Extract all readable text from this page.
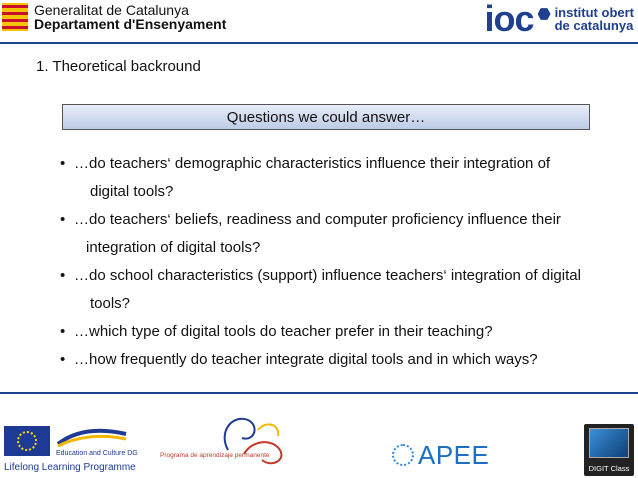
Generalitat de Catalunya
Departament d'Ensenyament	ioc institut obert
de catalunya
1. Theoretical backround
Questions we could answer…
• …do teachers‘ demographic characteristics influence their integration of
digital tools?
• …do teachers‘ beliefs, readiness and computer proficiency influence their
integration of digital tools?
• …do school characteristics (support) influence teachers‘ integration of digital
tools?
• …which type of digital tools do teacher prefer in their teaching?
• …how frequently do teacher integrate digital tools and in which ways?
Education and Culture DG
Lifelong Learning Programme
Programa de aprendizaje permanente	APEE	DIGIT Class
